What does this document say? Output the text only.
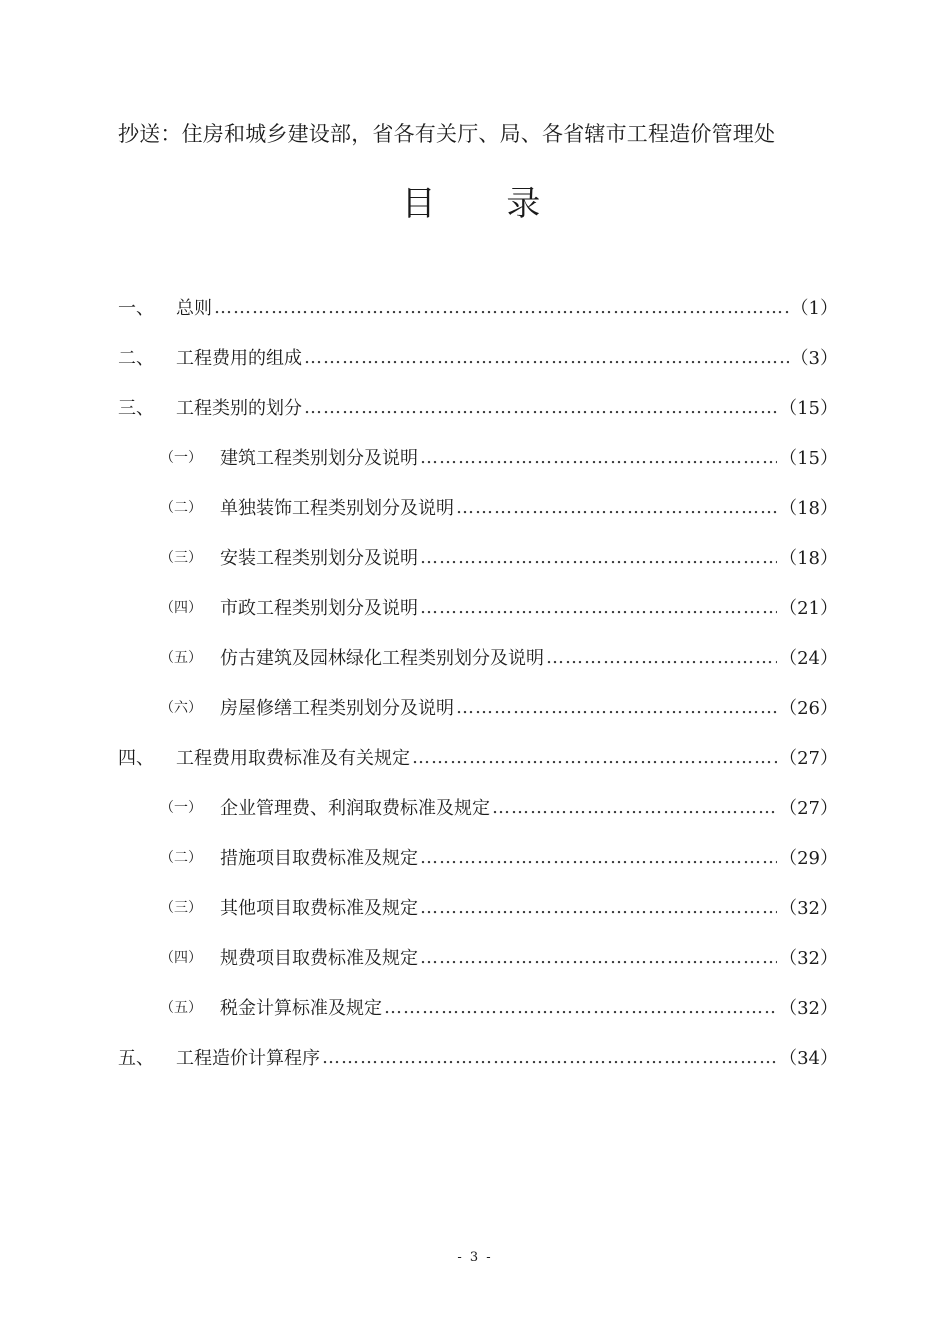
抄送：住房和城乡建设部，省各有关厅、局、各省辖市工程造价管理处
目 录
一、	总则 ……………………………………………………………………………………………………………………………………………………………………………………	（1）
二、	工程费用的组成 ……………………………………………………………………………………………………………………………………………………………………………………	（3）
三、	工程类别的划分 ……………………………………………………………………………………………………………………………………………………………………………………	（15）
（一）	建筑工程类别划分及说明 ……………………………………………………………………………………………………………………………………………………………………………………	（15）
（二）	单独装饰工程类别划分及说明 ……………………………………………………………………………………………………………………………………………………………………………………	（18）
（三）	安装工程类别划分及说明 ……………………………………………………………………………………………………………………………………………………………………………………	（18）
（四）	市政工程类别划分及说明 ……………………………………………………………………………………………………………………………………………………………………………………	（21）
（五）	仿古建筑及园林绿化工程类别划分及说明 ……………………………………………………………………………………………………………………………………………………………………………………	（24）
（六）	房屋修缮工程类别划分及说明 ……………………………………………………………………………………………………………………………………………………………………………………	（26）
四、	工程费用取费标准及有关规定 ……………………………………………………………………………………………………………………………………………………………………………………	（27）
（一）	企业管理费、利润取费标准及规定 ……………………………………………………………………………………………………………………………………………………………………………………	（27）
（二）	措施项目取费标准及规定 ……………………………………………………………………………………………………………………………………………………………………………………	（29）
（三）	其他项目取费标准及规定 ……………………………………………………………………………………………………………………………………………………………………………………	（32）
（四）	规费项目取费标准及规定 ……………………………………………………………………………………………………………………………………………………………………………………	（32）
（五）	税金计算标准及规定 ……………………………………………………………………………………………………………………………………………………………………………………	（32）
五、	工程造价计算程序 ……………………………………………………………………………………………………………………………………………………………………………………	（34）
- 3 -
